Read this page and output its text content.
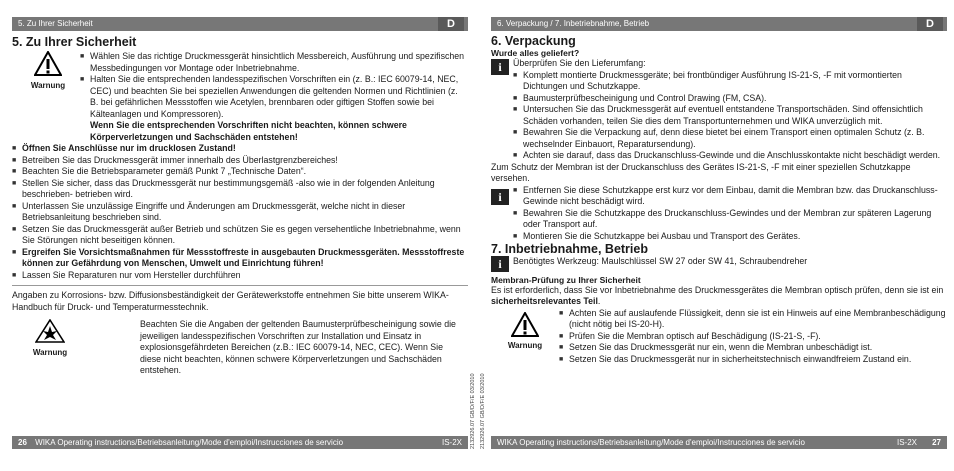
5. Zu Ihrer Sicherheit	D
5. Zu Ihrer Sicherheit
Warnung
■ Wählen Sie das richtige Druckmessgerät hinsichtlich Messbereich, Ausführung und spezifischen Messbedingungen vor Montage oder Inbetriebnahme.
■ Halten Sie die entsprechenden landesspezifischen Vorschriften ein (z. B.: IEC 60079-14, NEC, CEC) und beachten Sie bei speziellen Anwendungen die geltenden Normen und Richtlinien (z. B. bei gefährlichen Messstoffen wie Acetylen, brennbaren oder giftigen Stoffen sowie bei Kälteanlagen und Kompressoren).
Wenn Sie die entsprechenden Vorschriften nicht beachten, können schwere Körperverletzungen und Sachschäden entstehen!
■ Öffnen Sie Anschlüsse nur im drucklosen Zustand!
■ Betreiben Sie das Druckmessgerät immer innerhalb des Überlastgrenzbereiches!
■ Beachten Sie die Betriebsparameter gemäß Punkt 7 „Technische Daten“.
■ Stellen Sie sicher, dass das Druckmessgerät nur bestimmungsgemäß -also wie in der folgenden Anleitung beschrieben- betrieben wird.
■ Unterlassen Sie unzulässige Eingriffe und Änderungen am Druckmessgerät, welche nicht in dieser Betriebsanleitung beschrieben sind.
■ Setzen Sie das Druckmessgerät außer Betrieb und schützen Sie es gegen versehentliche Inbetriebnahme, wenn Sie Störungen nicht beseitigen können.
■ Ergreifen Sie Vorsichtsmaßnahmen für Messstoffreste in ausgebauten Druckmessgeräten. Messstoffreste können zur Gefährdung von Menschen, Umwelt und Einrichtung führen!
■ Lassen Sie Reparaturen nur vom Hersteller durchführen
Angaben zu Korrosions- bzw. Diffusionsbeständigkeit der Gerätewerkstoffe entnehmen Sie bitte unserem WIKA-Handbuch für Druck- und Temperaturmesstechnik.
Warnung
Beachten Sie die Angaben der geltenden Baumusterprüfbescheinigung sowie die jeweiligen landesspezifischen Vorschriften zur Installation und Einsatz in explosionsgefährdeten Bereichen (z.B.: IEC 60079-14, NEC, CEC). Wenn Sie diese nicht beachten, können schwere Körperverletzungen und Sachschäden entstehen.
26 WIKA Operating instructions/Betriebsanleitung/Mode d'emploi/Instrucciones de servicio	IS-2X 2132926.07 GB/D/F/E 03/2010
6. Verpackung / 7. Inbetriebnahme, Betrieb	D
6. Verpackung
Wurde alles geliefert?
i	Überprüfen Sie den Lieferumfang:
■ Komplett montierte Druckmessgeräte; bei frontbündiger Ausführung IS-21-S, -F mit vormontierten Dichtungen und Schutzkappe.
■ Baumusterprüfbescheinigung und Control Drawing (FM, CSA).
■ Untersuchen Sie das Druckmessgerät auf eventuell entstandene Transportschäden. Sind offensichtlich Schäden vorhanden, teilen Sie dies dem Transportunternehmen und WIKA unverzüglich mit.
■ Bewahren Sie die Verpackung auf, denn diese bietet bei einem Transport einen optimalen Schutz (z. B. wechselnder Einbauort, Reparatursendung).
■ Achten sie darauf, dass das Druckanschluss-Gewinde und die Anschlusskontakte nicht beschädigt werden.
Zum Schutz der Membran ist der Druckanschluss des Gerätes IS-21-S, -F mit einer speziellen Schutzkappe versehen.
i
■	Entfernen Sie diese Schutzkappe erst kurz vor dem Einbau, damit die Membran bzw. das Druckanschluss-Gewinde nicht beschädigt wird.
■ Bewahren Sie die Schutzkappe des Druckanschluss-Gewindes und der Membran zur späteren Lagerung oder Transport auf.
■ Montieren Sie die Schutzkappe bei Ausbau und Transport des Gerätes.
7. Inbetriebnahme, Betrieb
i	Benötigtes Werkzeug: Maulschlüssel SW 27 oder SW 41, Schraubendreher
Membran-Prüfung zu Ihrer Sicherheit
Es ist erforderlich, dass Sie vor Inbetriebnahme des Druckmessgerätes die Membran optisch prüfen, denn sie ist ein sicherheitsrelevantes Teil.
Warnung
■ Achten Sie auf auslaufende Flüssigkeit, denn sie ist ein Hinweis auf eine Membranbeschädigung (nicht nötig bei IS-20-H).
■ Prüfen Sie die Membran optisch auf Beschädigung (IS-21-S, -F).
■ Setzen Sie das Druckmessgerät nur ein, wenn die Membran unbeschädigt ist.
■ Setzen Sie das Druckmessgerät nur in sicherheitstechnisch einwandfreiem Zustand ein.
WIKA Operating instructions/Betriebsanleitung/Mode d'emploi/Instrucciones de servicio	IS-2X	27
2132926.07 GB/D/F/E 03/2010
